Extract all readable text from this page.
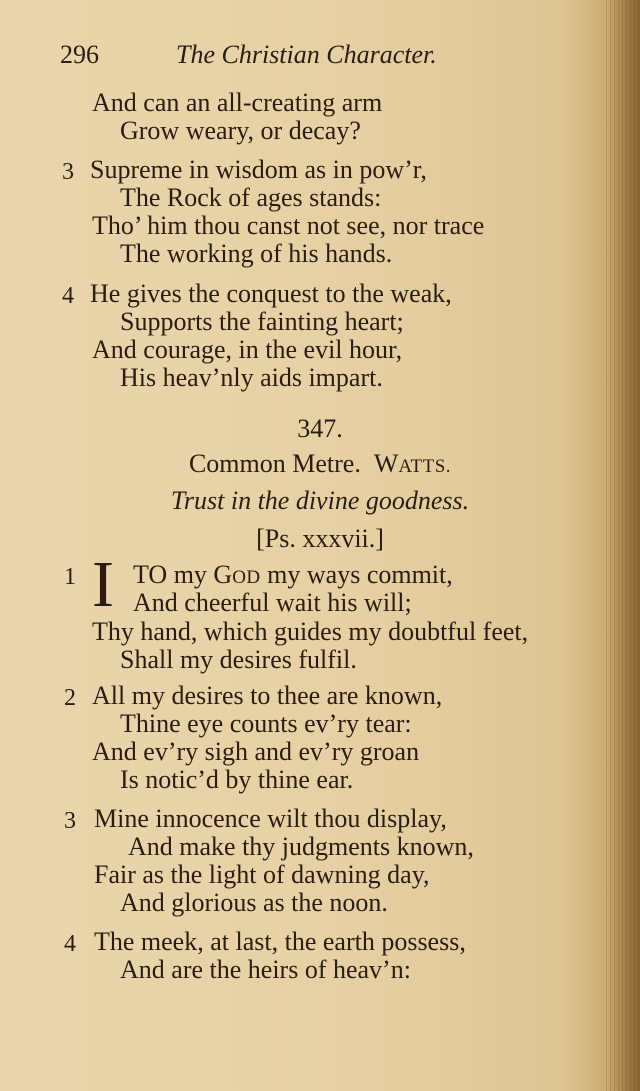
296	The Christian Character.
And can an all-creating arm
Grow weary, or decay?
3 Supreme in wisdom as in pow’r,
The Rock of ages stands:
Tho’ him thou canst not see, nor trace
The working of his hands.
4 He gives the conquest to the weak,
Supports the fainting heart;
And courage, in the evil hour,
His heav’nly aids impart.
347.
Common Metre. WATTS.
Trust in the divine goodness.
[Ps. xxxvii.]
1 I TO my GOD my ways commit,
And cheerful wait his will;
Thy hand, which guides my doubtful feet,
Shall my desires fulfil.
2 All my desires to thee are known,
Thine eye counts ev’ry tear:
And ev’ry sigh and ev’ry groan
Is notic’d by thine ear.
3 Mine innocence wilt thou display,
And make thy judgments known,
Fair as the light of dawning day,
And glorious as the noon.
4 The meek, at last, the earth possess,
And are the heirs of heav’n:
